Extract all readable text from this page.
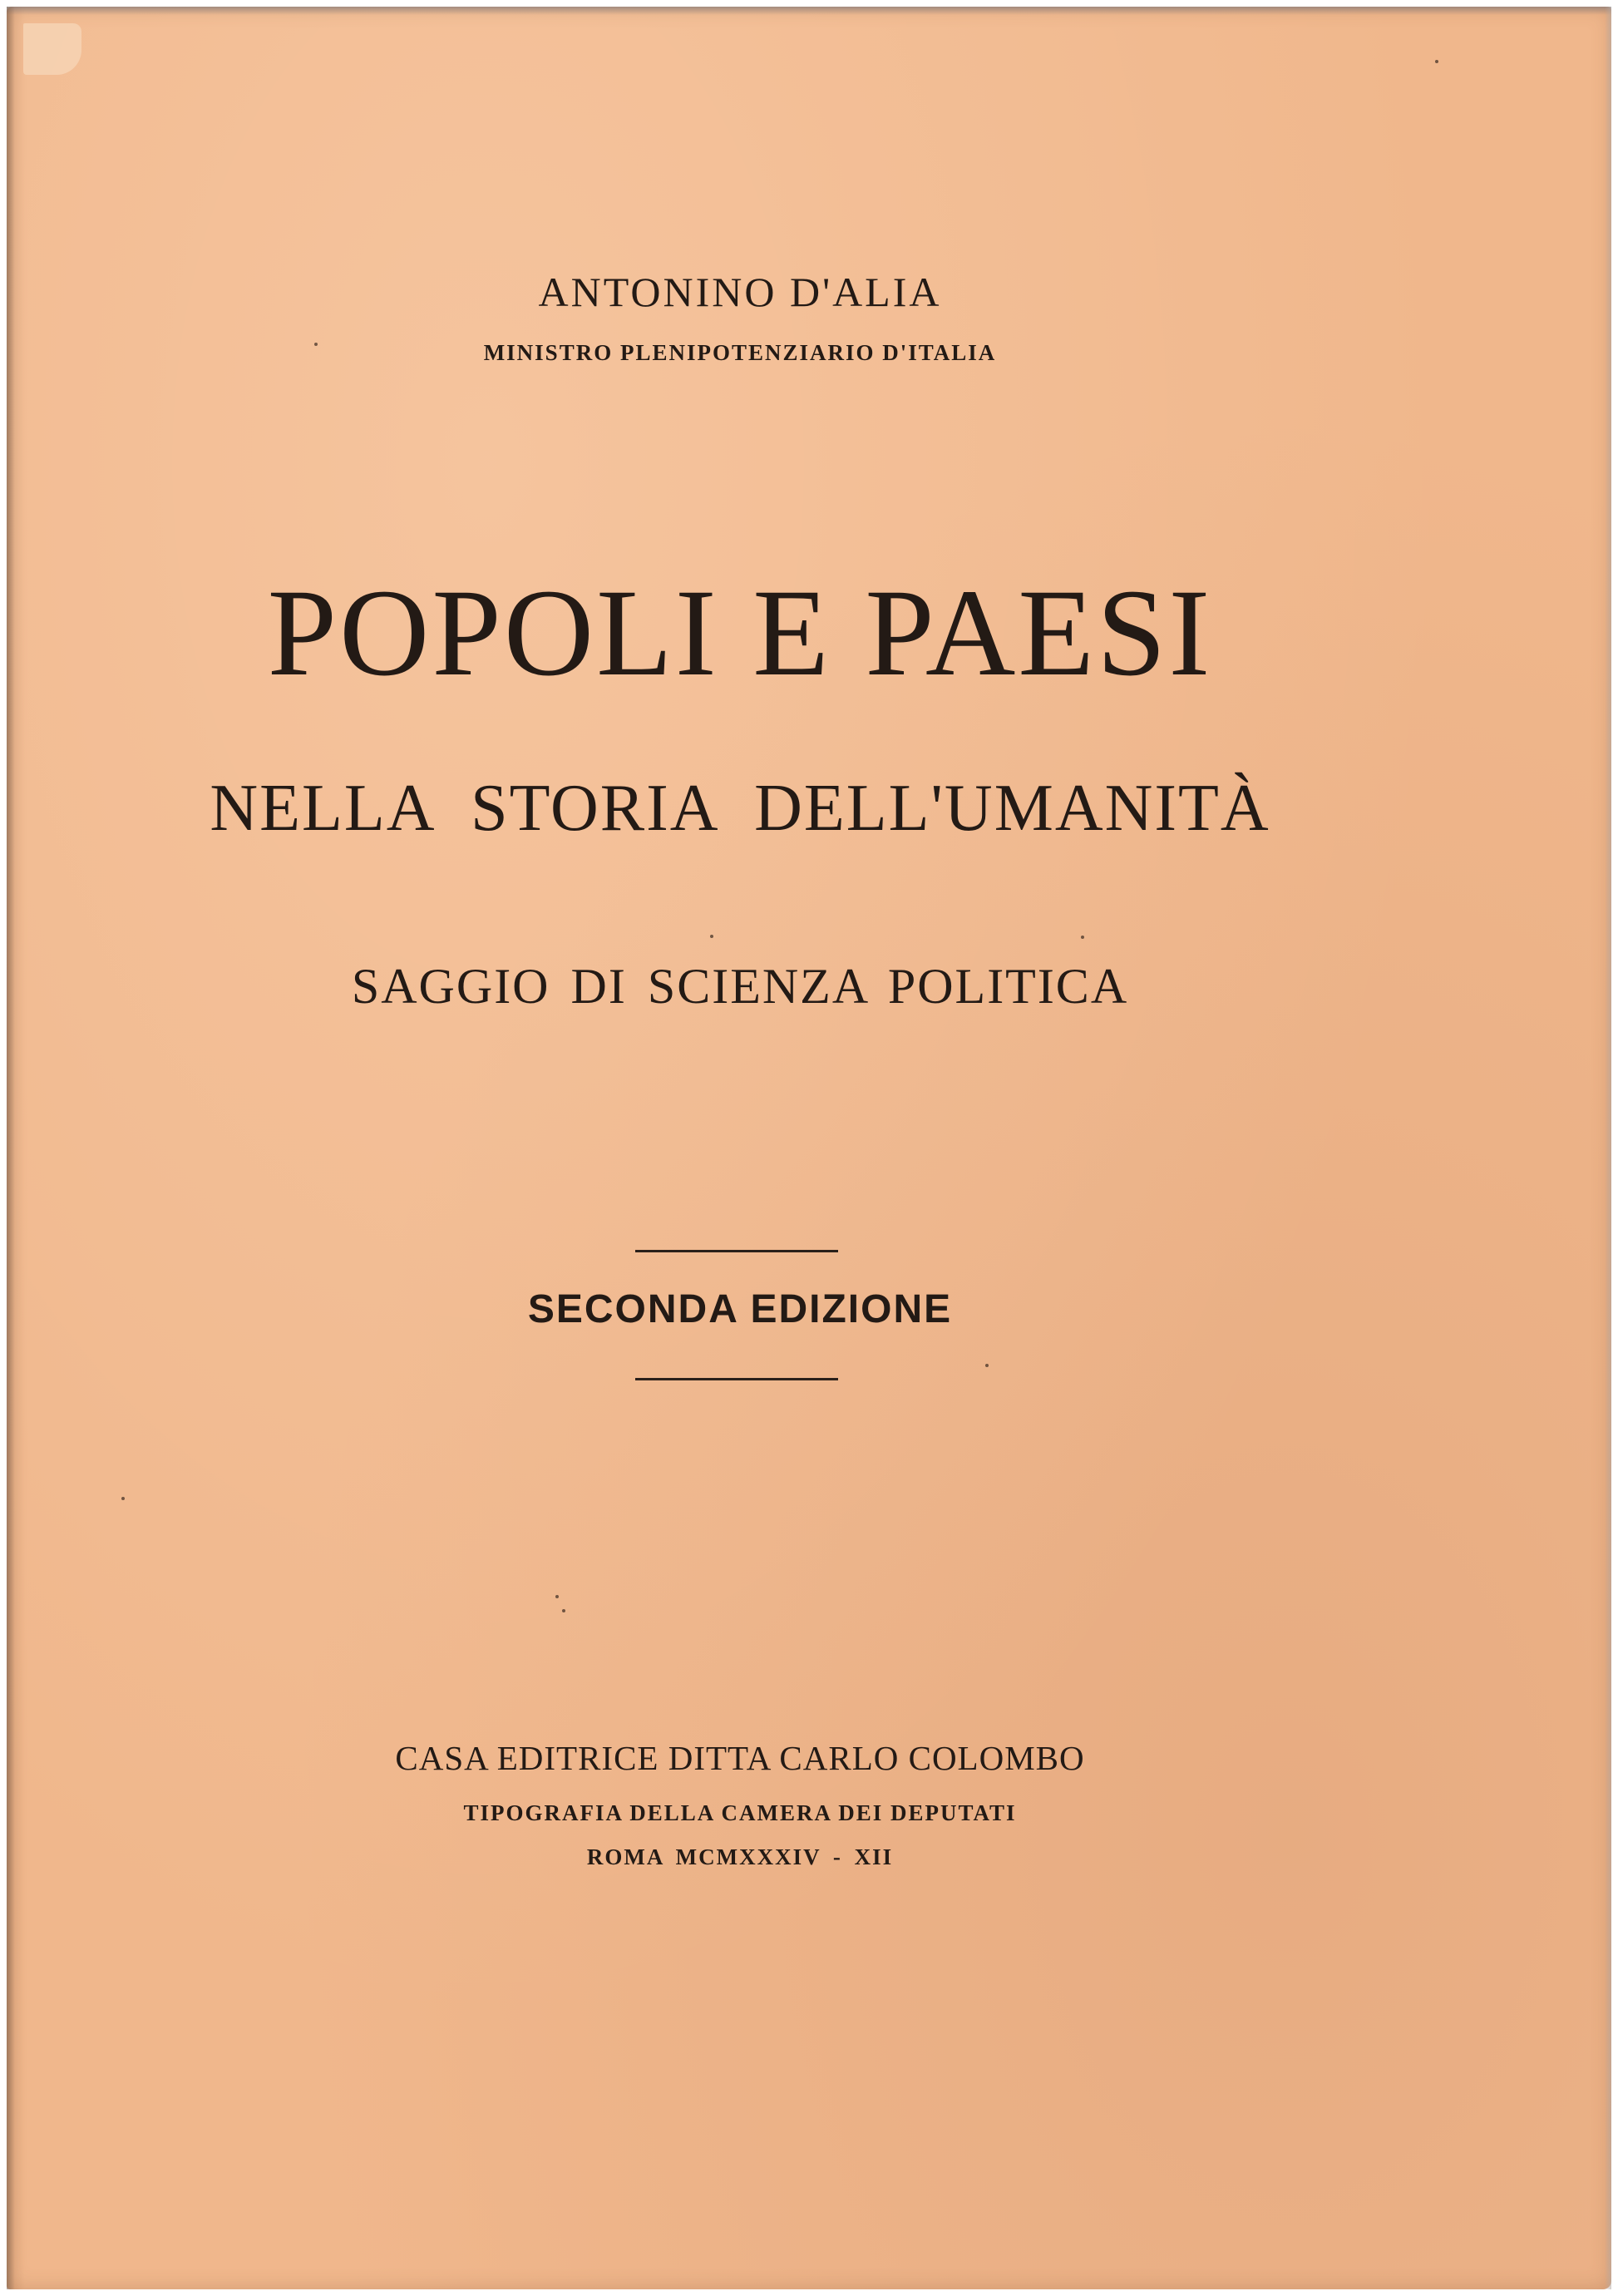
ANTONINO D'ALIA
MINISTRO PLENIPOTENZIARIO D'ITALIA
POPOLI E PAESI
NELLA STORIA DELL'UMANITÀ
SAGGIO DI SCIENZA POLITICA
SECONDA EDIZIONE
CASA EDITRICE DITTA CARLO COLOMBO
TIPOGRAFIA DELLA CAMERA DEI DEPUTATI
ROMA MCMXXXIV - XII
